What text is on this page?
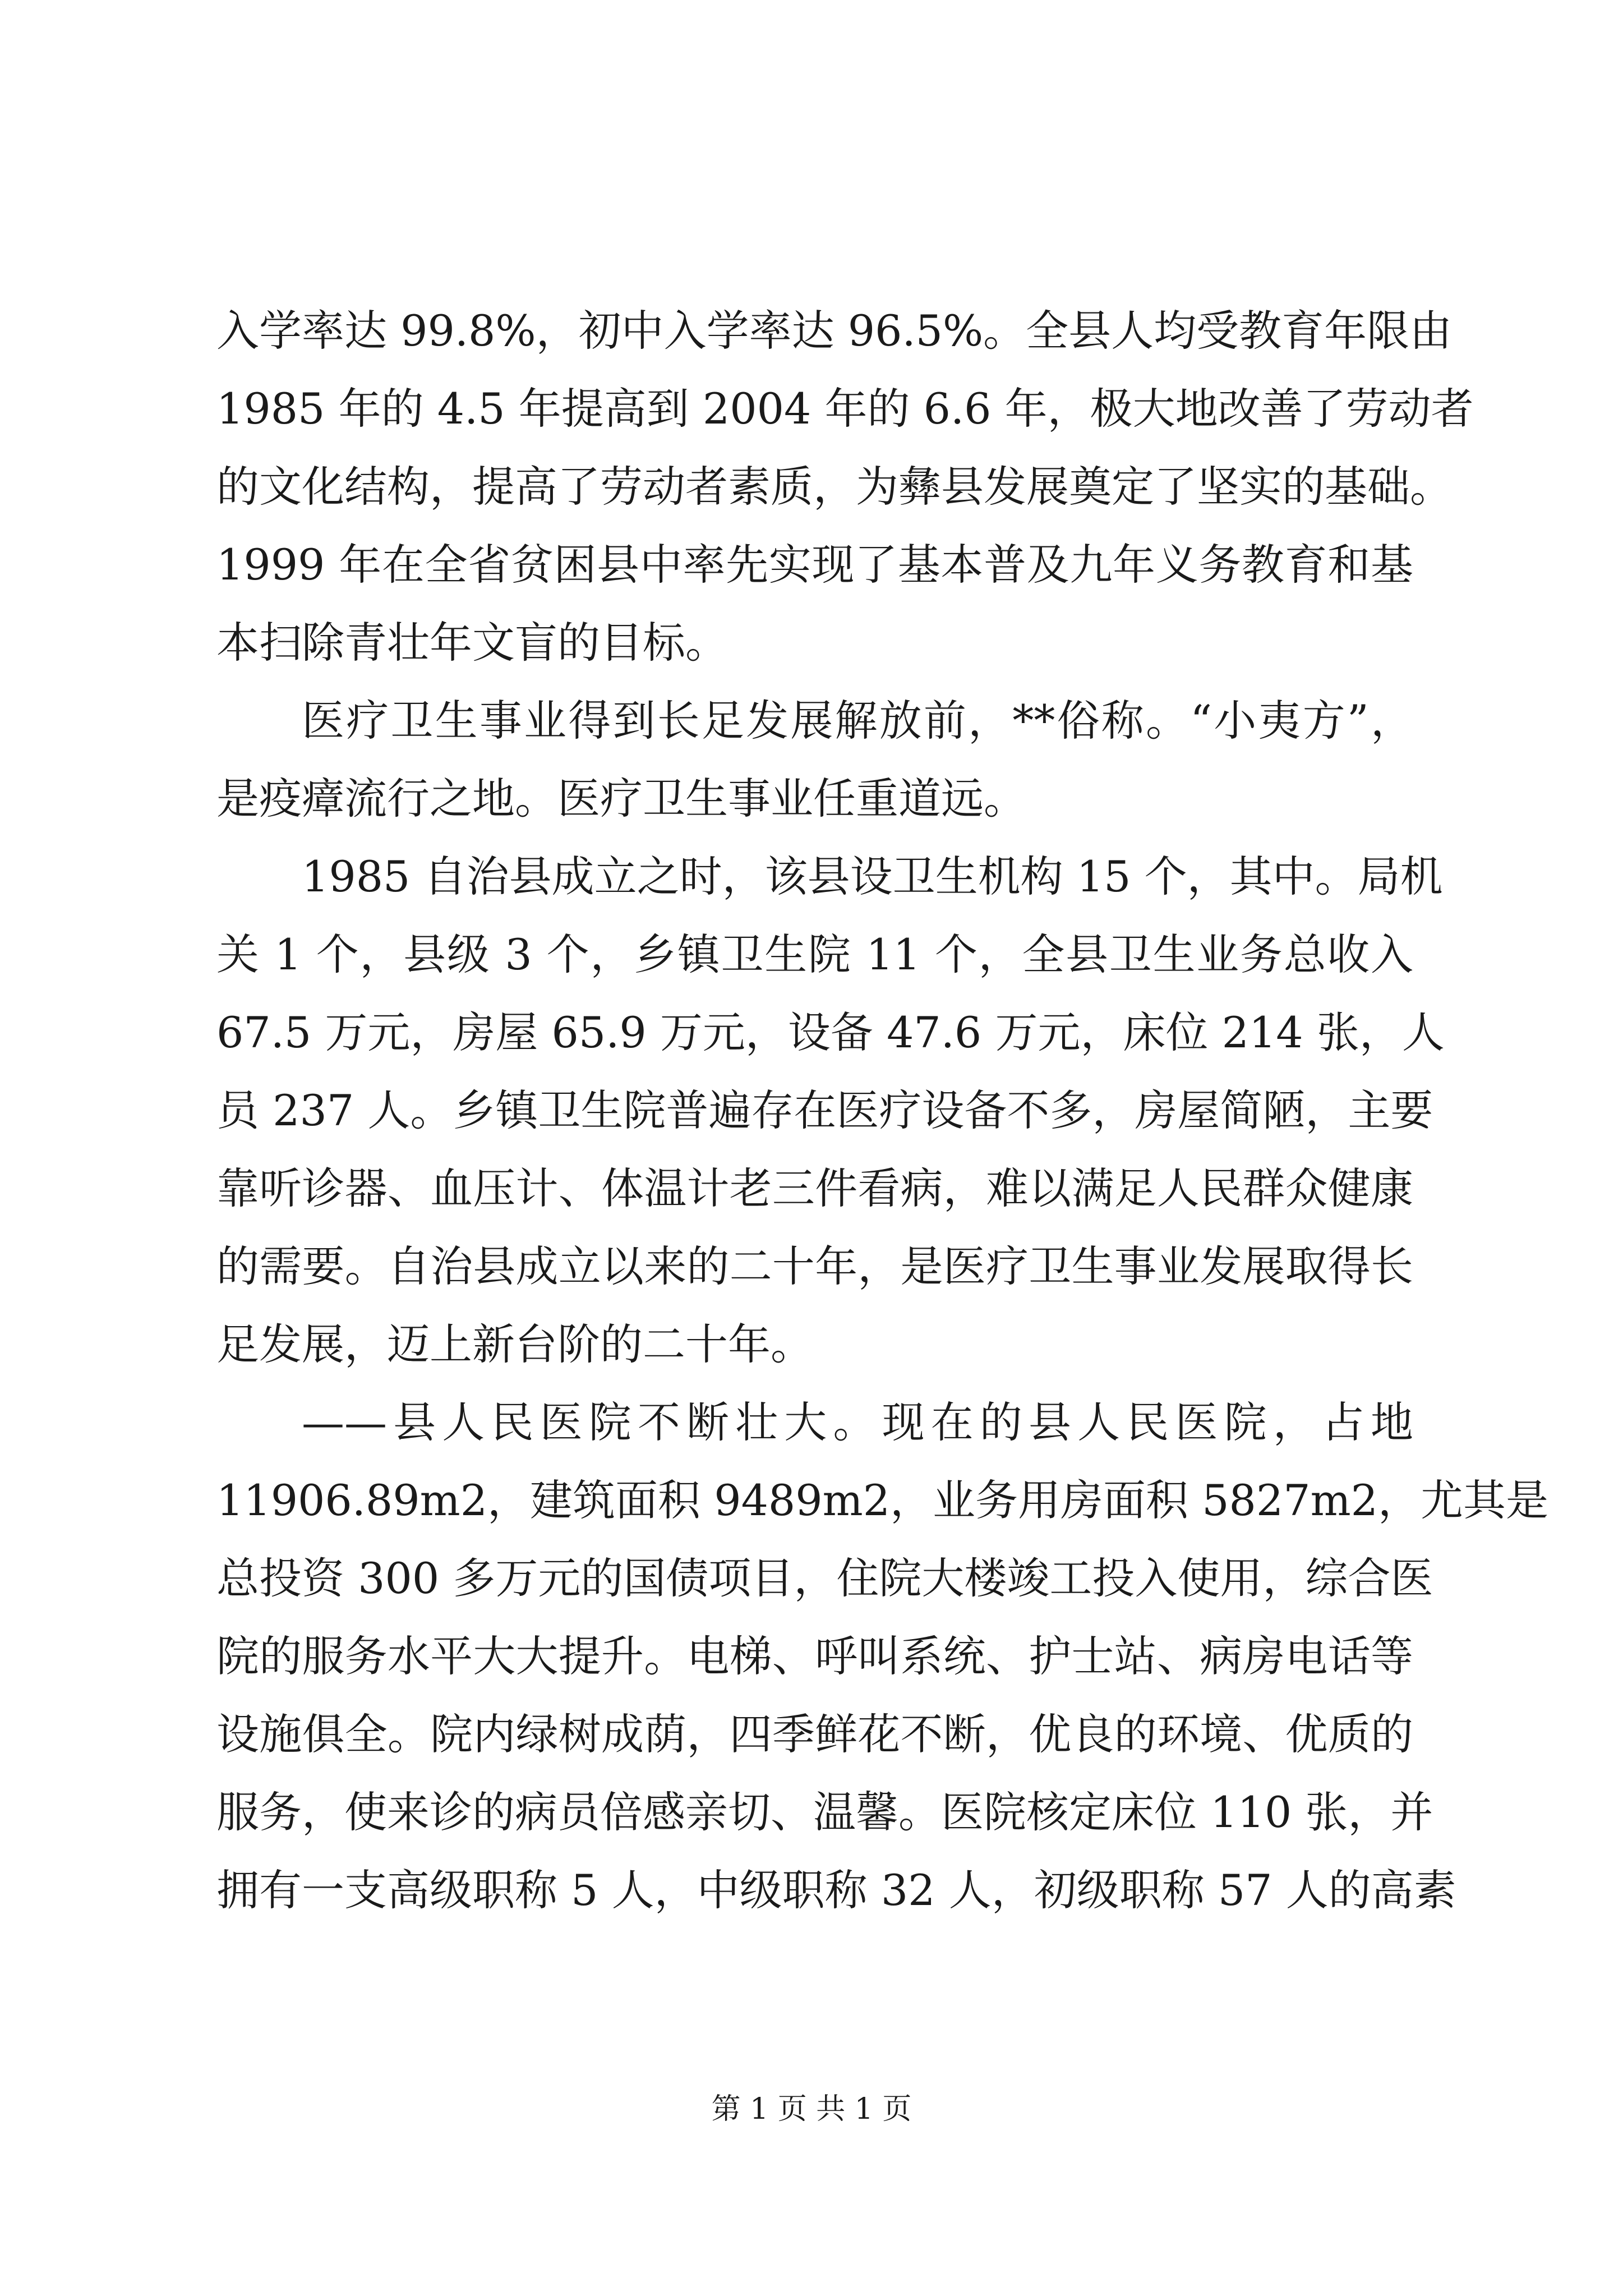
入学率达 99.8%，初中入学率达 96.5%。全县人均受教育年限由
1985 年的 4.5 年提高到 2004 年的 6.6 年，极大地改善了劳动者
的文化结构，提高了劳动者素质，为彝县发展奠定了坚实的基础。
1999 年在全省贫困县中率先实现了基本普及九年义务教育和基
本扫除青壮年文盲的目标。
医疗卫生事业得到长足发展解放前，**俗称。“小夷方”，
是疫瘴流行之地。医疗卫生事业任重道远。
1985 自治县成立之时，该县设卫生机构 15 个，其中。局机
关 1 个，县级 3 个，乡镇卫生院 11 个，全县卫生业务总收入
67.5 万元，房屋 65.9 万元，设备 47.6 万元，床位 214 张，人
员 237 人。乡镇卫生院普遍存在医疗设备不多，房屋简陋，主要
靠听诊器、血压计、体温计老三件看病，难以满足人民群众健康
的需要。自治县成立以来的二十年，是医疗卫生事业发展取得长
足发展，迈上新台阶的二十年。
——县人民医院不断壮大。现在的县人民医院，占地
11906.89m2，建筑面积 9489m2，业务用房面积 5827m2，尤其是
总投资 300 多万元的国债项目，住院大楼竣工投入使用，综合医
院的服务水平大大提升。电梯、呼叫系统、护士站、病房电话等
设施俱全。院内绿树成荫，四季鲜花不断，优良的环境、优质的
服务，使来诊的病员倍感亲切、温馨。医院核定床位 110 张，并
拥有一支高级职称 5 人，中级职称 32 人，初级职称 57 人的高素
第 1 页 共 1 页
